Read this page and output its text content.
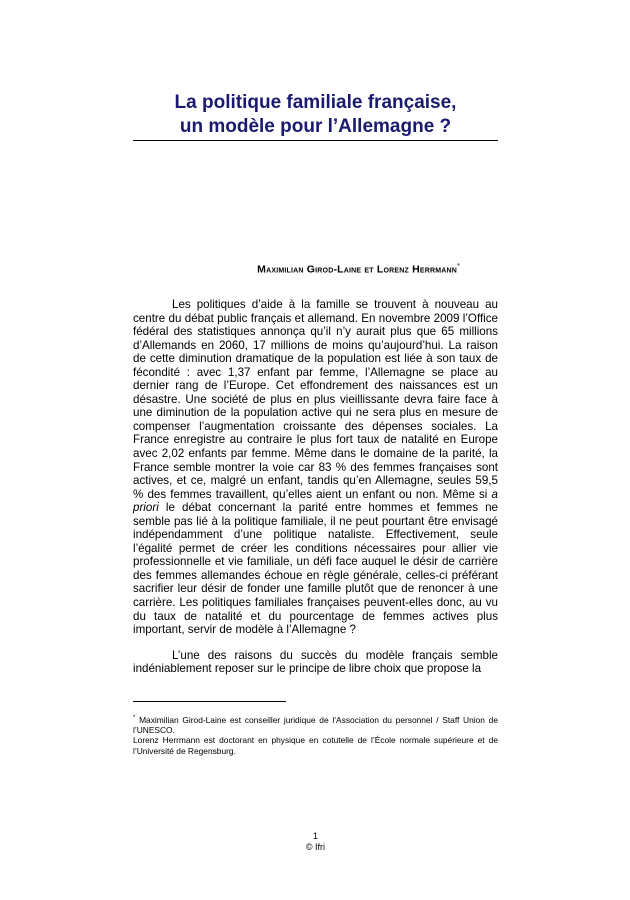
La politique familiale française,
un modèle pour l’Allemagne ?
Maximilian Girod-Laine et Lorenz Herrmann*

Les politiques d’aide à la famille se trouvent à nouveau au centre du débat public français et allemand. En novembre 2009 l’Office fédéral des statistiques annonça qu’il n’y aurait plus que 65 millions d’Allemands en 2060, 17 millions de moins qu’aujourd’hui. La raison de cette diminution dramatique de la population est liée à son taux de fécondité : avec 1,37 enfant par femme, l’Allemagne se place au dernier rang de l’Europe. Cet effondrement des naissances est un désastre. Une société de plus en plus vieillissante devra faire face à une diminution de la population active qui ne sera plus en mesure de compenser l’augmentation croissante des dépenses sociales. La France enregistre au contraire le plus fort taux de natalité en Europe avec 2,02 enfants par femme. Même dans le domaine de la parité, la France semble montrer la voie car 83 % des femmes françaises sont actives, et ce, malgré un enfant, tandis qu’en Allemagne, seules 59,5 % des femmes travaillent, qu’elles aient un enfant ou non. Même si a priori le débat concernant la parité entre hommes et femmes ne semble pas lié à la politique familiale, il ne peut pourtant être envisagé indépendamment d’une politique nataliste. Effectivement, seule l’égalité permet de créer les conditions nécessaires pour allier vie professionnelle et vie familiale, un défi face auquel le désir de carrière des femmes allemandes échoue en règle générale, celles-ci préférant sacrifier leur désir de fonder une famille plutôt que de renoncer à une carrière. Les politiques familiales françaises peuvent-elles donc, au vu du taux de natalité et du pourcentage de femmes actives plus important, servir de modèle à l’Allemagne ?

L’une des raisons du succès du modèle français semble indéniablement reposer sur le principe de libre choix que propose la

* Maximilian Girod-Laine est conseiller juridique de l’Association du personnel / Staff Union de l’UNESCO.

Lorenz Herrmann est doctorant en physique en cotutelle de l’École normale supérieure et de l’Université de Regensburg.

1
© Ifri
